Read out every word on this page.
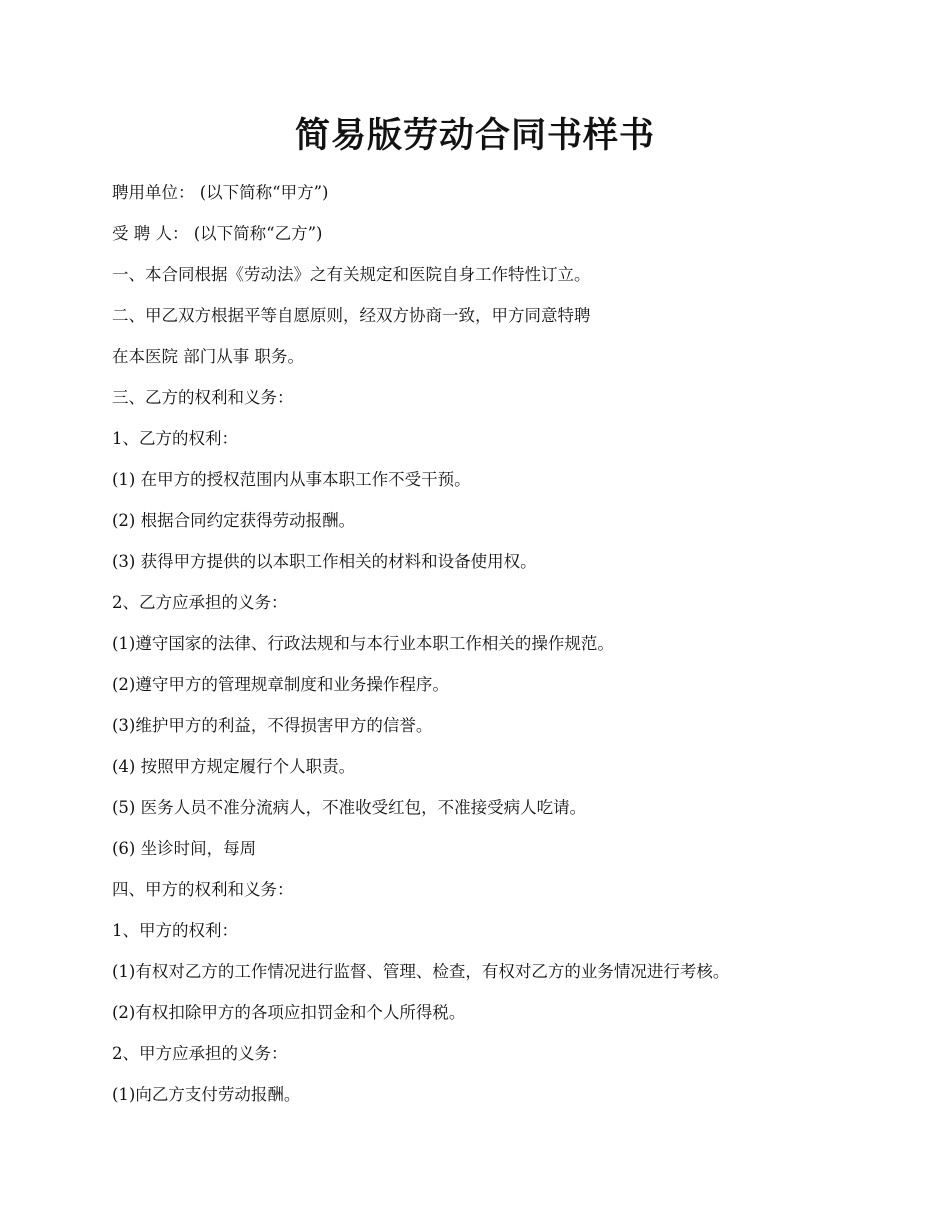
简易版劳动合同书样书

聘用单位： (以下简称“甲方”)

受 聘 人： (以下简称“乙方”)

一、本合同根据《劳动法》之有关规定和医院自身工作特性订立。

二、甲乙双方根据平等自愿原则，经双方协商一致，甲方同意特聘

在本医院 部门从事 职务。

三、乙方的权利和义务：

1、乙方的权利：

(1) 在甲方的授权范围内从事本职工作不受干预。

(2) 根据合同约定获得劳动报酬。

(3) 获得甲方提供的以本职工作相关的材料和设备使用权。

2、乙方应承担的义务：

(1)遵守国家的法律、行政法规和与本行业本职工作相关的操作规范。

(2)遵守甲方的管理规章制度和业务操作程序。

(3)维护甲方的利益，不得损害甲方的信誉。

(4) 按照甲方规定履行个人职责。

(5) 医务人员不准分流病人，不准收受红包，不准接受病人吃请。

(6) 坐诊时间，每周

四、甲方的权利和义务：

1、甲方的权利：

(1)有权对乙方的工作情况进行监督、管理、检查，有权对乙方的业务情况进行考核。

(2)有权扣除甲方的各项应扣罚金和个人所得税。

2、甲方应承担的义务：

(1)向乙方支付劳动报酬。
